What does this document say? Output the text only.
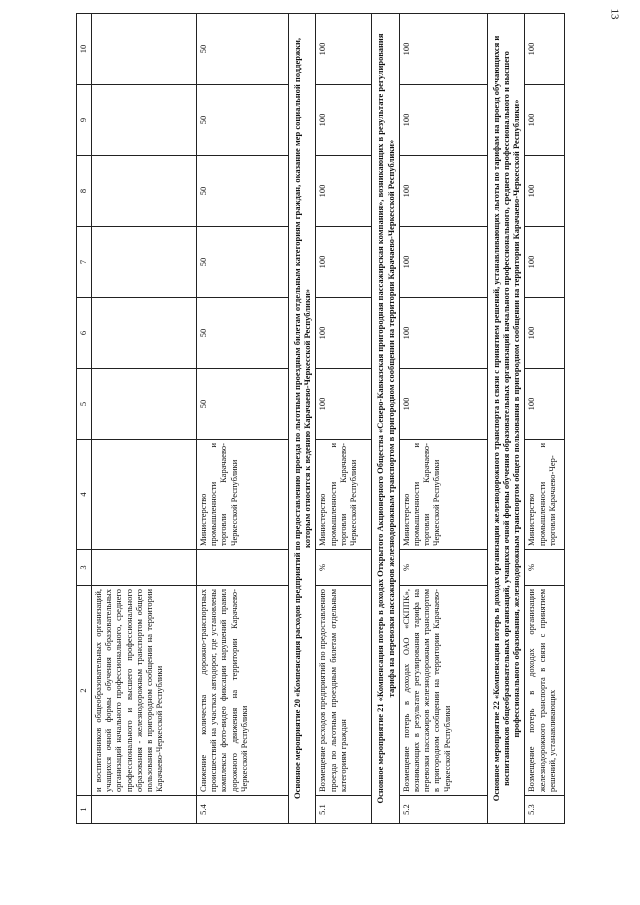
13
1	2	3	4	5	6	7	8	9	10
	и воспитанников общеобразовательных организаций, учащихся очной формы обучения образовательных организаций начального профессионального, среднего профессионального и высшего профессионального образования - железнодорожным транспортом общего пользования в пригородном сообщении на территории Карачаево-Черкесской Республики								
5.4	Снижение количества дорожно-транспортных происшествий на участках автодорог, где установлены комплексы фото-видео фиксации нарушений правил дорожного движения на территории Карачаево-Черкесской Республики		Министерство промышленности и торговли Карачаево-Черкесской Республики	50	50	50	50	50	50
Основное мероприятие 20 «Компенсация расходов предприятий по предоставлению проезда по льготным проездным билетам отдельным категориям граждан, оказание мер социальной поддержки, которым относится к ведению Карачаево-Черкесской Республики»									
5.1	Возмещение расходов предприятий по предоставлению проезда по льготным проездным билетам отдельным категориям граждан	%	Министерство промышленности и торговли Карачаево-Черкесской Республики	100	100	100	100	100	100
Основное мероприятие 21 «Компенсация потерь в доходах Открытого Акционерного Общества «Северо-Кавказская пригородная пассажирская компания», возникающих в результате регулирования тарифа на перевозки пассажиров железнодорожным транспортом в пригородном сообщении на территории Карачаево-Черкесской Республики»									
5.2	Возмещение потерь в доходах ОАО «СКППК», возникающих в результате регулирования тарифа на перевозки пассажиров железнодорожным транспортом в пригородном сообщении на территории Карачаево-Черкесской Республики	%	Министерство промышленности и торговли Карачаево-Черкесской Республики	100	100	100	100	100	100
Основное мероприятие 22 «Компенсация потерь в доходах организации железнодорожного транспорта в связи с принятием решений, устанавливающих льготы по тарифам на проезд обучающихся и воспитанников общеобразовательных организаций, учащихся очной формы обучения образовательных организаций начального профессионального, среднего профессионального и высшего профессионального образования, железнодорожным транспортом общего пользования в пригородном сообщении на территории Карачаево-Черкесской Республики»									
5.3	Возмещение потерь в доходах организации железнодорожного транспорта в связи с принятием решений, устанавливающих	%	Министерство промышленности и торговли Карачаево-Чер-	100	100	100	100	100	100
